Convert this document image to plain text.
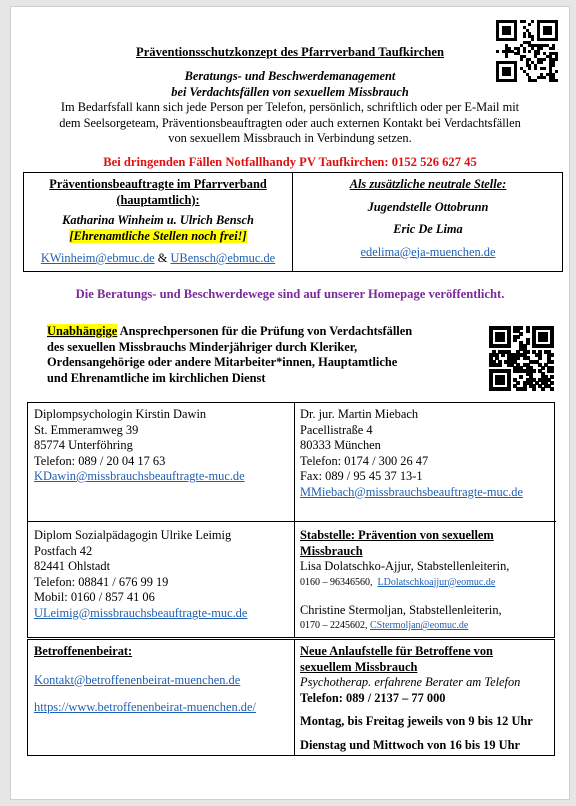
Präventionsschutzkonzept des Pfarrverband Taufkirchen
Beratungs- und Beschwerdemanagement
bei Verdachtsfällen von sexuellem Missbrauch
Im Bedarfsfall kann sich jede Person per Telefon, persönlich, schriftlich oder per E-Mail mit
dem Seelsorgeteam, Präventionsbeauftragten oder auch externen Kontakt bei Verdachtsfällen
von sexuellem Missbrauch in Verbindung setzen.
Bei dringenden Fällen Notfallhandy PV Taufkirchen: 0152 526 627 45
Präventionsbeauftragte im Pfarrverband
(hauptamtlich):
Katharina Winheim u. Ulrich Bensch
[Ehrenamtliche Stellen noch frei!]
KWinheim@ebmuc.de & UBensch@ebmuc.de
Als zusätzliche neutrale Stelle:
Jugendstelle Ottobrunn
Eric De Lima
edelima@eja-muenchen.de
Die Beratungs- und Beschwerdewege sind auf unserer Homepage veröffentlicht.
Unabhängige Ansprechpersonen für die Prüfung von Verdachtsfällen
des sexuellen Missbrauchs Minderjähriger durch Kleriker,
Ordensangehörige oder andere Mitarbeiter*innen, Hauptamtliche
und Ehrenamtliche im kirchlichen Dienst
Diplompsychologin Kirstin Dawin
St. Emmeramweg 39
85774 Unterföhring
Telefon: 089 / 20 04 17 63
KDawin@missbrauchsbeauftragte-muc.de
Dr. jur. Martin Miebach
Pacellistraße 4
80333 München
Telefon: 0174 / 300 26 47
Fax: 089 / 95 45 37 13-1
MMiebach@missbrauchsbeauftragte-muc.de
Diplom Sozialpädagogin Ulrike Leimig
Postfach 42
82441 Ohlstadt
Telefon: 08841 / 676 99 19
Mobil: 0160 / 857 41 06
ULeimig@missbrauchsbeauftragte-muc.de
Stabstelle: Prävention von sexuellem
Missbrauch
Lisa Dolatschko-Ajjur, Stabstellenleiterin,
0160 – 96346560, LDolatschkoajjur@eomuc.de
Christine Stermoljan, Stabstellenleiterin,
0170 – 2245602, CStermoljan@eomuc.de
Betroffenenbeirat:
Kontakt@betroffenenbeirat-muenchen.de
https://www.betroffenenbeirat-muenchen.de/
Neue Anlaufstelle für Betroffene von
sexuellem Missbrauch
Psychotherap. erfahrene Berater am Telefon
Telefon: 089 / 2137 – 77 000
Montag, bis Freitag jeweils von 9 bis 12 Uhr
Dienstag und Mittwoch von 16 bis 19 Uhr
